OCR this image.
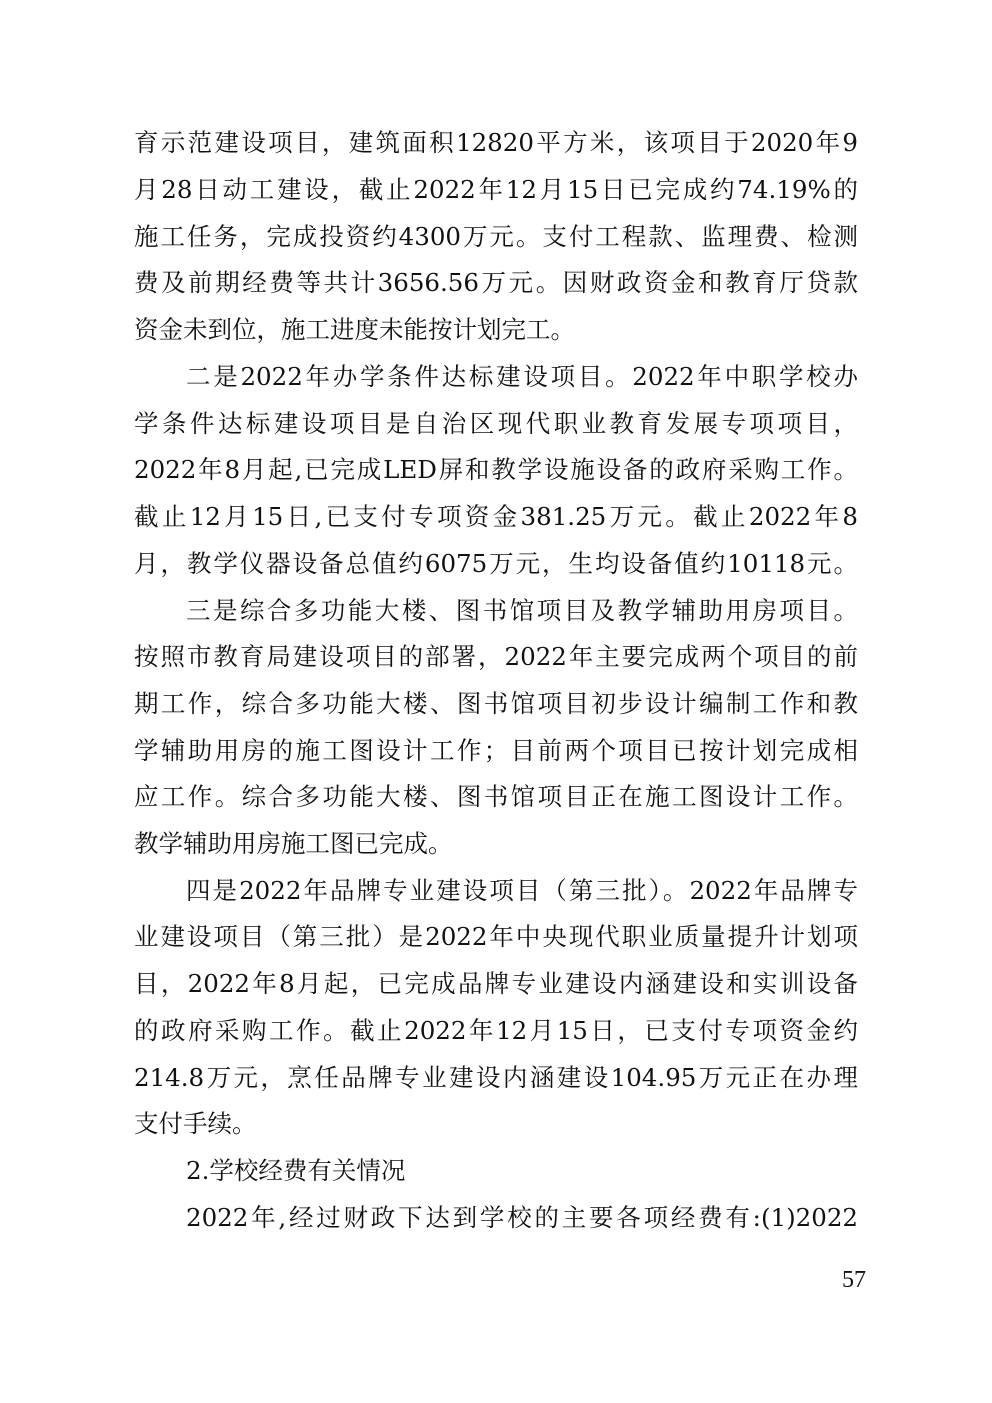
育示范建设项目，建筑面积12820平方米，该项目于2020年9
月28日动工建设，截止2022年12月15日已完成约74.19%的
施工任务，完成投资约4300万元。支付工程款、监理费、检测
费及前期经费等共计3656.56万元。因财政资金和教育厅贷款
资金未到位，施工进度未能按计划完工。
二是2022年办学条件达标建设项目。2022年中职学校办
学条件达标建设项目是自治区现代职业教育发展专项项目，
2022年8月起,已完成LED屏和教学设施设备的政府采购工作。
截止12月15日,已支付专项资金381.25万元。截止2022年8
月，教学仪器设备总值约6075万元，生均设备值约10118元。
三是综合多功能大楼、图书馆项目及教学辅助用房项目。
按照市教育局建设项目的部署，2022年主要完成两个项目的前
期工作，综合多功能大楼、图书馆项目初步设计编制工作和教
学辅助用房的施工图设计工作；目前两个项目已按计划完成相
应工作。综合多功能大楼、图书馆项目正在施工图设计工作。
教学辅助用房施工图已完成。
四是2022年品牌专业建设项目（第三批）。2022年品牌专
业建设项目（第三批）是2022年中央现代职业质量提升计划项
目，2022年8月起，已完成品牌专业建设内涵建设和实训设备
的政府采购工作。截止2022年12月15日，已支付专项资金约
214.8万元，烹任品牌专业建设内涵建设104.95万元正在办理
支付手续。
2.学校经费有关情况
2022年,经过财政下达到学校的主要各项经费有:(1)2022
57
